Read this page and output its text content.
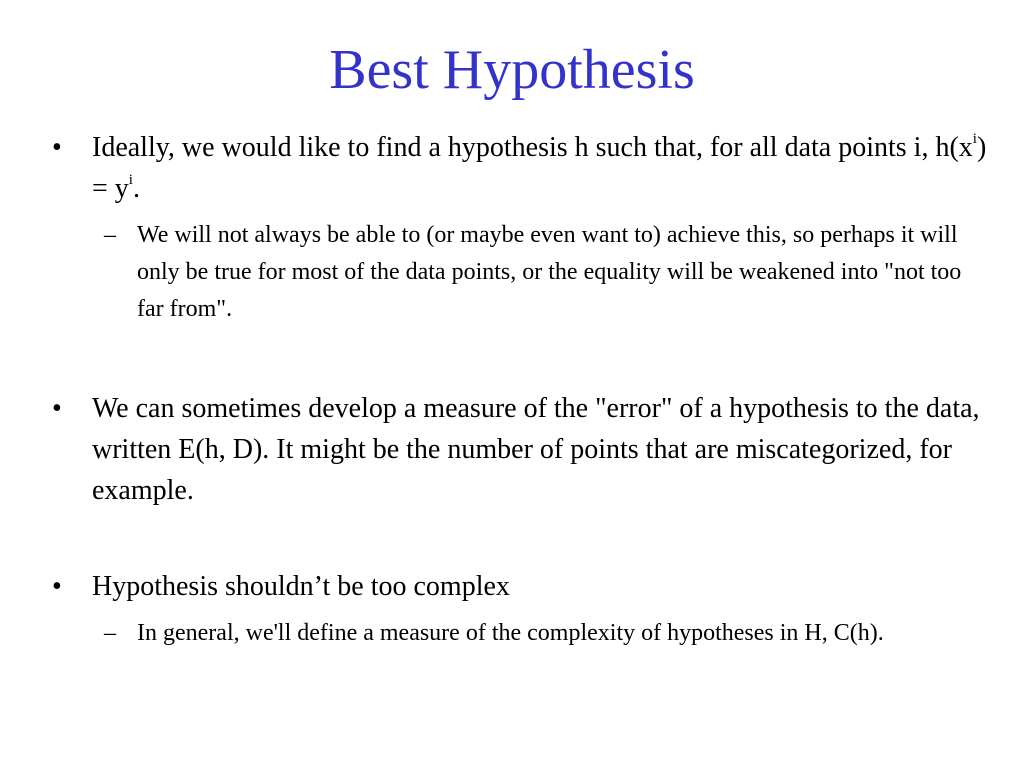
Best Hypothesis
•	Ideally, we would like to find a hypothesis h such that, for all data points i, $h(x^i) = y^i$.
– We will not always be able to (or maybe even want to) achieve this, so perhaps it will only be true for most of the data points, or the equality will be weakened into "not too far from".
•	We can sometimes develop a measure of the "error" of a hypothesis to the data, written E(h, D). It might be the number of points that are miscategorized, for example.
•	Hypothesis shouldn’t be too complex
– In general, we'll define a measure of the complexity of hypotheses in H, C(h).
